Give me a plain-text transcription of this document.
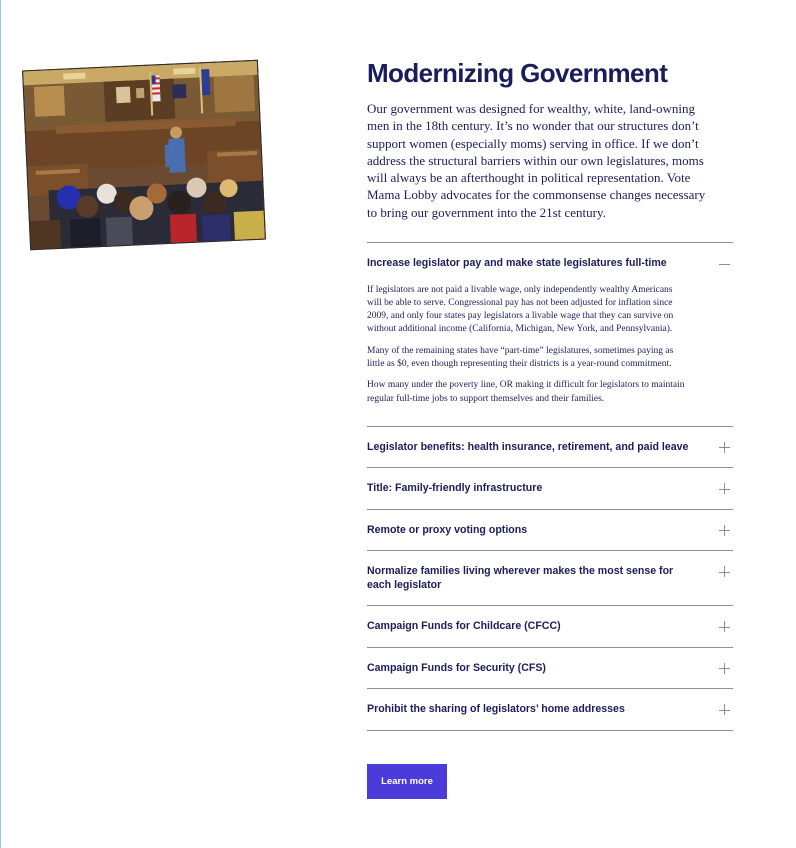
Modernizing Government

Our government was designed for wealthy, white, land-owning men in the 18th century. It’s no wonder that our structures don’t support women (especially moms) serving in office. If we don’t address the structural barriers within our own legislatures, moms will always be an afterthought in political representation. Vote Mama Lobby advocates for the commonsense changes necessary to bring our government into the 21st century.

Increase legislator pay and make state legislatures full-time

If legislators are not paid a livable wage, only independently wealthy Americans will be able to serve. Congressional pay has not been adjusted for inflation since 2009, and only four states pay legislators a livable wage that they can survive on without additional income (California, Michigan, New York, and Pennsylvania).

Many of the remaining states have “part-time” legislatures, sometimes paying as little as $0, even though representing their districts is a year-round commitment.

How many under the poverty line, OR making it difficult for legislators to maintain regular full-time jobs to support themselves and their families.

Legislator benefits: health insurance, retirement, and paid leave
Title: Family-friendly infrastructure
Remote or proxy voting options
Normalize families living wherever makes the most sense for each legislator
Campaign Funds for Childcare (CFCC)
Campaign Funds for Security (CFS)
Prohibit the sharing of legislators’ home addresses
Learn more
